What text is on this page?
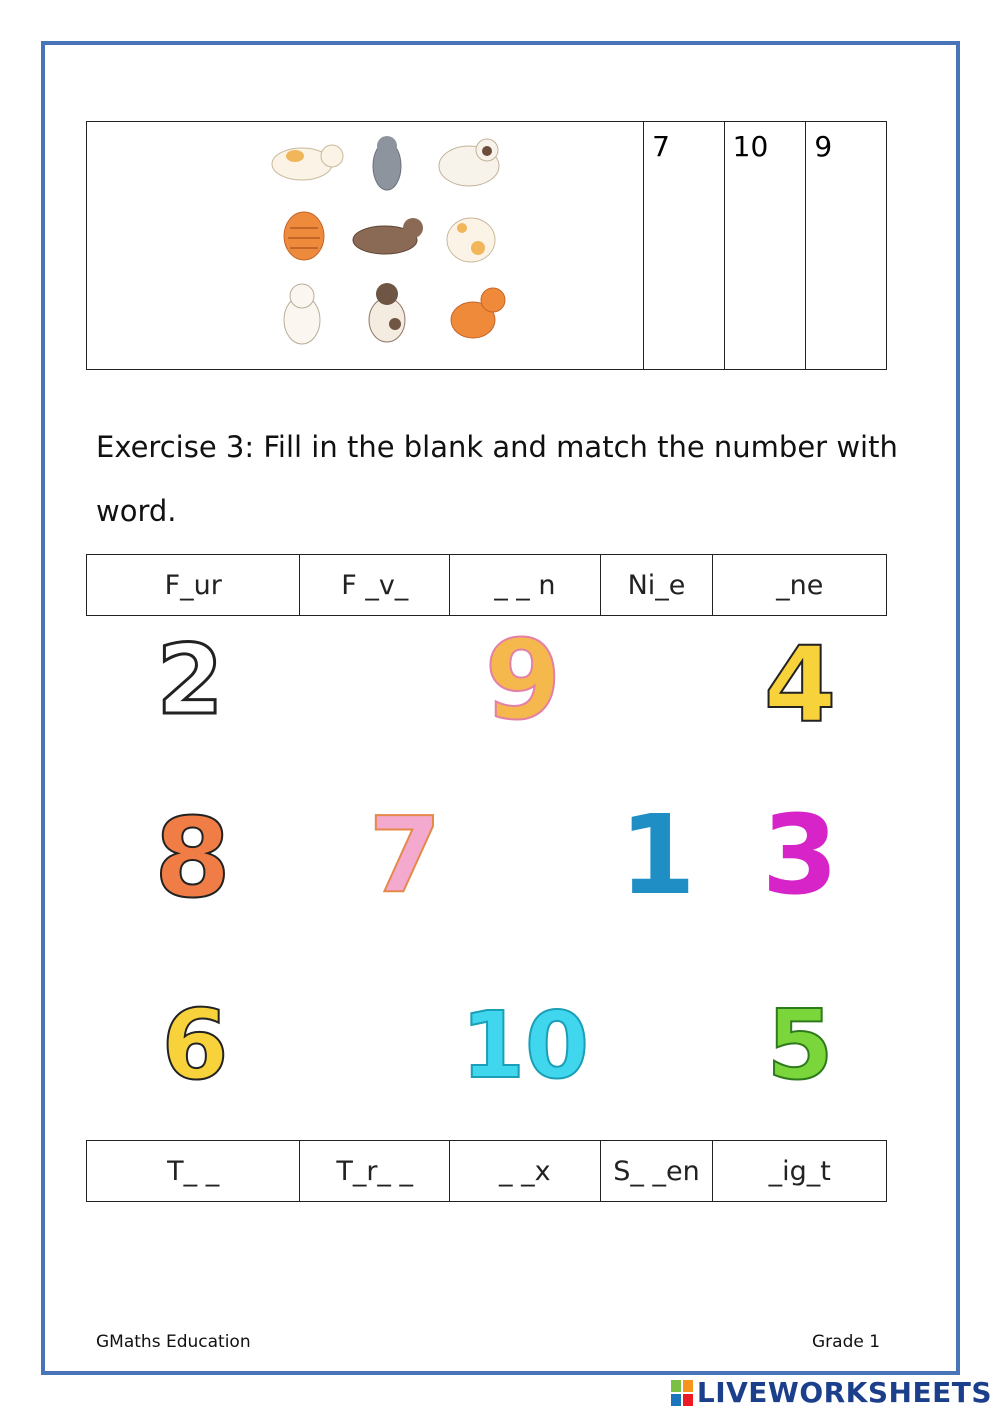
	7	10	9
Exercise 3: Fill in the blank and match the number with
word.
F_ur	F _v_	_ _ n	Ni_e	_ne
2 9 4
8	7 1 3
6	10	5
T_ _	T_r_ _	_ _x	S_ _en	_ig_t
GMaths Education	Grade 1
LIVEWORKSHEETS
